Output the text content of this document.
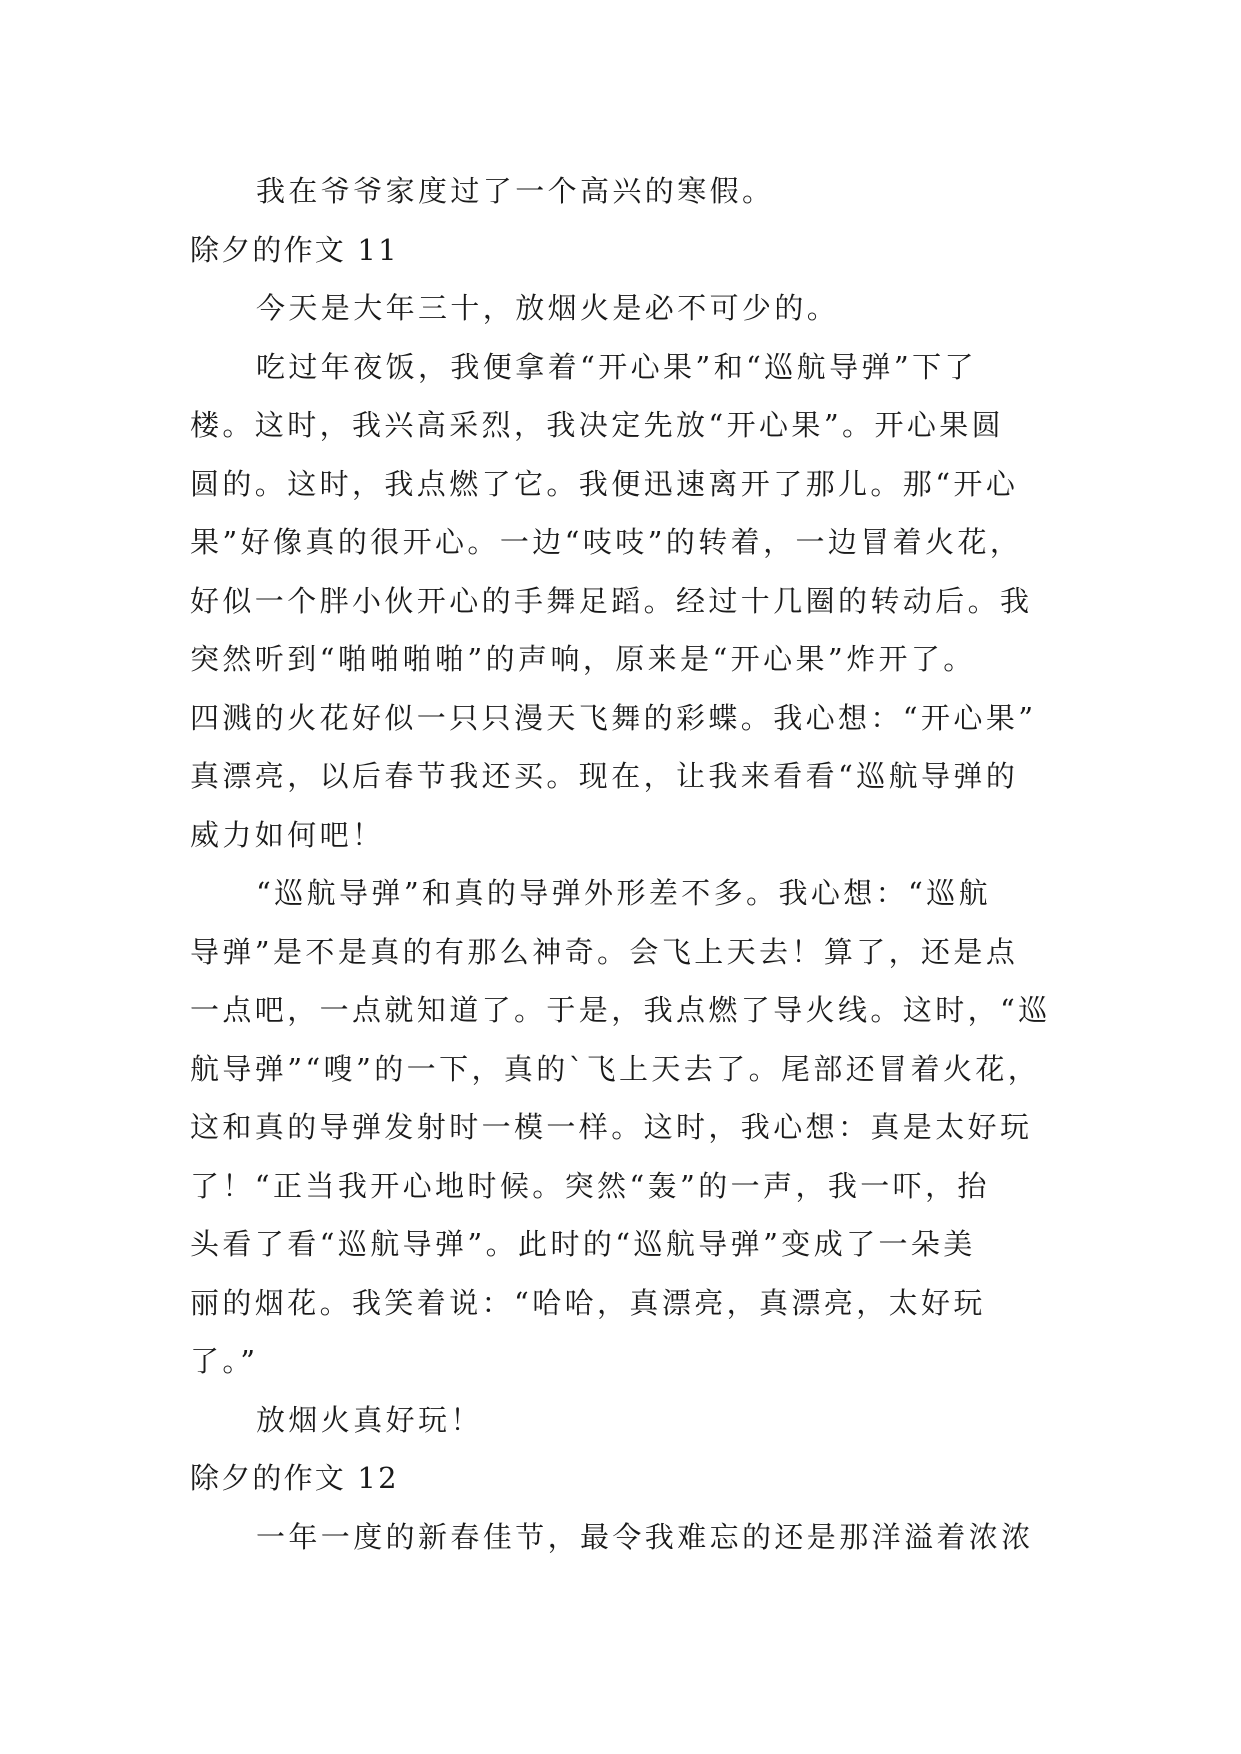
我在爷爷家度过了一个高兴的寒假。
除夕的作文 11
今天是大年三十，放烟火是必不可少的。
吃过年夜饭，我便拿着“开心果”和“巡航导弹”下了
楼。这时，我兴高采烈，我决定先放“开心果”。开心果圆
圆的。这时，我点燃了它。我便迅速离开了那儿。那“开心
果”好像真的很开心。一边“吱吱”的转着，一边冒着火花，
好似一个胖小伙开心的手舞足蹈。经过十几圈的转动后。我
突然听到“啪啪啪啪”的声响，原来是“开心果”炸开了。
四溅的火花好似一只只漫天飞舞的彩蝶。我心想：“开心果”
真漂亮，以后春节我还买。现在，让我来看看“巡航导弹的
威力如何吧！
“巡航导弹”和真的导弹外形差不多。我心想：“巡航
导弹”是不是真的有那么神奇。会飞上天去！算了，还是点
一点吧，一点就知道了。于是，我点燃了导火线。这时，“巡
航导弹”“嗖”的一下，真的`飞上天去了。尾部还冒着火花，
这和真的导弹发射时一模一样。这时，我心想：真是太好玩
了！“正当我开心地时候。突然“轰”的一声，我一吓，抬
头看了看“巡航导弹”。此时的“巡航导弹”变成了一朵美
丽的烟花。我笑着说：“哈哈，真漂亮，真漂亮，太好玩
了。”
放烟火真好玩！
除夕的作文 12
一年一度的新春佳节，最令我难忘的还是那洋溢着浓浓
